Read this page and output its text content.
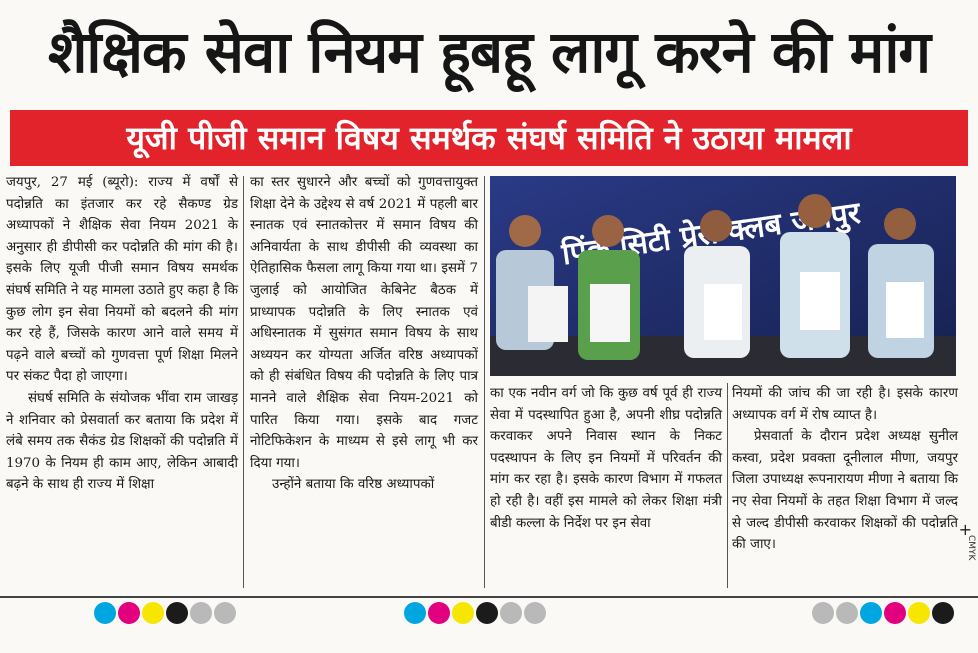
शैक्षिक सेवा नियम हूबहू लागू करने की मांग
यूजी पीजी समान विषय समर्थक संघर्ष समिति ने उठाया मामला

जयपुर, 27 मई (ब्यूरो): राज्य में वर्षों से पदोन्नति का इंतजार कर रहे सैकण्ड ग्रेड अध्यापकों ने शैक्षिक सेवा नियम 2021 के अनुसार ही डीपीसी कर पदोन्नति की मांग की है। इसके लिए यूजी पीजी समान विषय समर्थक संघर्ष समिति ने यह मामला उठाते हुए कहा है कि कुछ लोग इन सेवा नियमों को बदलने की मांग कर रहे हैं, जिसके कारण आने वाले समय में पढ़ने वाले बच्चों को गुणवत्ता पूर्ण शिक्षा मिलने पर संकट पैदा हो जाएगा।

संघर्ष समिति के संयोजक भींवा राम जाखड़ ने शनिवार को प्रेसवार्ता कर बताया कि प्रदेश में लंबे समय तक सैकंड ग्रेड शिक्षकों की पदोन्नति में 1970 के नियम ही काम आए, लेकिन आबादी बढ़ने के साथ ही राज्य में शिक्षा

का स्तर सुधारने और बच्चों को गुणवत्तायुक्त शिक्षा देने के उद्देश्य से वर्ष 2021 में पहली बार स्नातक एवं स्नातकोत्तर में समान विषय की अनिवार्यता के साथ डीपीसी की व्यवस्था का ऐतिहासिक फैसला लागू किया गया था। इसमें 7 जुलाई को आयोजित केबिनेट बैठक में प्राध्यापक पदोन्नति के लिए स्नातक एवं अधिस्नातक में सुसंगत समान विषय के साथ अध्ययन कर योग्यता अर्जित वरिष्ठ अध्यापकों को ही संबंधित विषय की पदोन्नति के लिए पात्र मानने वाले शैक्षिक सेवा नियम-2021 को पारित किया गया। इसके बाद गजट नोटिफिकेशन के माध्यम से इसे लागू भी कर दिया गया।

उन्होंने बताया कि वरिष्ठ अध्यापकों

सिटी प्रेस क्लब

का एक नवीन वर्ग जो कि कुछ वर्ष पूर्व ही राज्य सेवा में पदस्थापित हुआ है, अपनी शीघ्र पदोन्नति करवाकर अपने निवास स्थान के निकट पदस्थापन के लिए इन नियमों में परिवर्तन की मांग कर रहा है। इसके कारण विभाग में गफलत हो रही है। वहीं इस मामले को लेकर शिक्षा मंत्री बीडी कल्ला के निर्देश पर इन सेवा

नियमों की जांच की जा रही है। इसके कारण अध्यापक वर्ग में रोष व्याप्त है।

प्रेसवार्ता के दौरान प्रदेश अध्यक्ष सुनील कस्वा, प्रदेश प्रवक्ता दूनीलाल मीणा, जयपुर जिला उपाध्यक्ष रूपनारायण मीणा ने बताया कि नए सेवा नियमों के तहत शिक्षा विभाग में जल्द से जल्द डीपीसी करवाकर शिक्षकों की पदोन्नति की जाए।

+
CMYK
